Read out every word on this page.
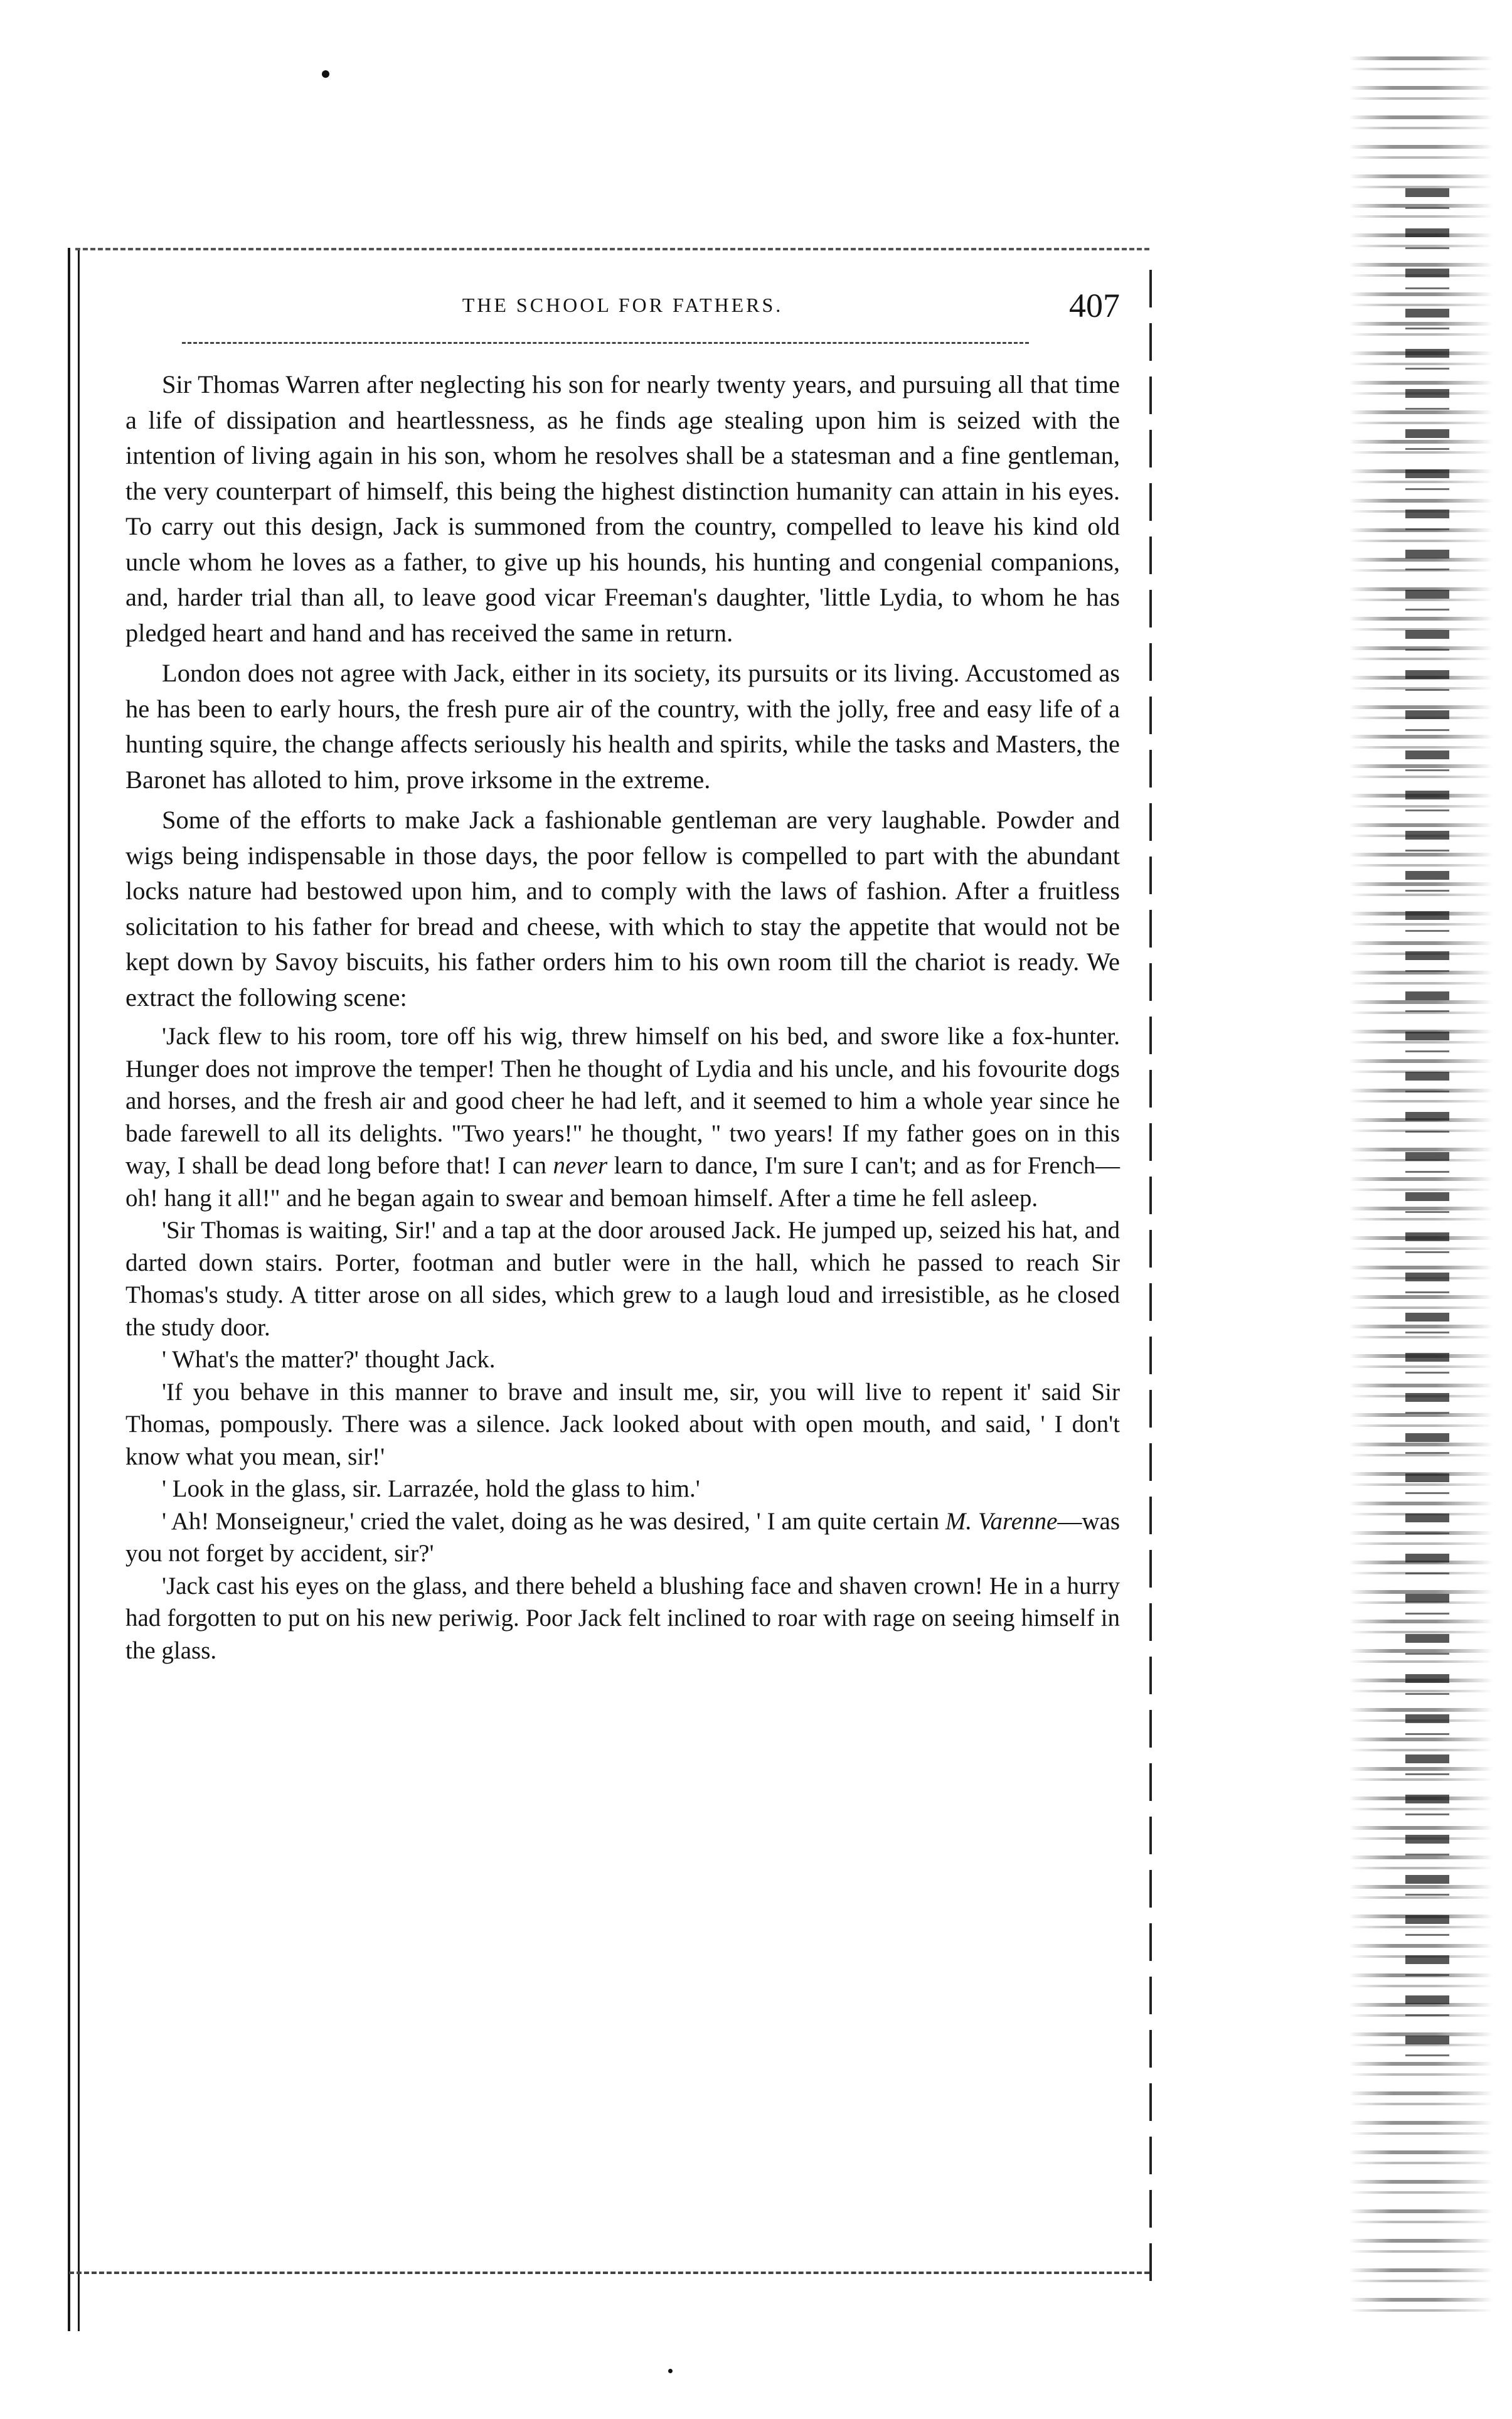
THE SCHOOL FOR FATHERS.	407

Sir Thomas Warren after neglecting his son for nearly twenty years, and pursuing all that time a life of dissipation and heartlessness, as he finds age stealing upon him is seized with the intention of living again in his son, whom he resolves shall be a statesman and a fine gentleman, the very counterpart of himself, this being the highest distinction humanity can attain in his eyes. To carry out this design, Jack is summoned from the country, compelled to leave his kind old uncle whom he loves as a father, to give up his hounds, his hunting and congenial companions, and, harder trial than all, to leave good vicar Freeman's daughter, 'little Lydia, to whom he has pledged heart and hand and has received the same in return.

London does not agree with Jack, either in its society, its pursuits or its living. Accustomed as he has been to early hours, the fresh pure air of the country, with the jolly, free and easy life of a hunting squire, the change affects seriously his health and spirits, while the tasks and Masters, the Baronet has alloted to him, prove irksome in the extreme.

Some of the efforts to make Jack a fashionable gentleman are very laughable. Powder and wigs being indispensable in those days, the poor fellow is compelled to part with the abundant locks nature had bestowed upon him, and to comply with the laws of fashion. After a fruitless solicitation to his father for bread and cheese, with which to stay the appetite that would not be kept down by Savoy biscuits, his father orders him to his own room till the chariot is ready. We extract the following scene:

'Jack flew to his room, tore off his wig, threw himself on his bed, and swore like a fox-hunter. Hunger does not improve the temper! Then he thought of Lydia and his uncle, and his fovourite dogs and horses, and the fresh air and good cheer he had left, and it seemed to him a whole year since he bade farewell to all its delights. "Two years!" he thought, " two years! If my father goes on in this way, I shall be dead long before that! I can never learn to dance, I'm sure I can't; and as for French—oh! hang it all!" and he began again to swear and bemoan himself. After a time he fell asleep.

'Sir Thomas is waiting, Sir!' and a tap at the door aroused Jack. He jumped up, seized his hat, and darted down stairs. Porter, footman and butler were in the hall, which he passed to reach Sir Thomas's study. A titter arose on all sides, which grew to a laugh loud and irresistible, as he closed the study door.

' What's the matter?' thought Jack.

'If you behave in this manner to brave and insult me, sir, you will live to repent it' said Sir Thomas, pompously. There was a silence. Jack looked about with open mouth, and said, ' I don't know what you mean, sir!'

' Look in the glass, sir. Larrazée, hold the glass to him.'

' Ah! Monseigneur,' cried the valet, doing as he was desired, ' I am quite certain M. Varenne—was you not forget by accident, sir?'

'Jack cast his eyes on the glass, and there beheld a blushing face and shaven crown! He in a hurry had forgotten to put on his new periwig. Poor Jack felt inclined to roar with rage on seeing himself in the glass.
